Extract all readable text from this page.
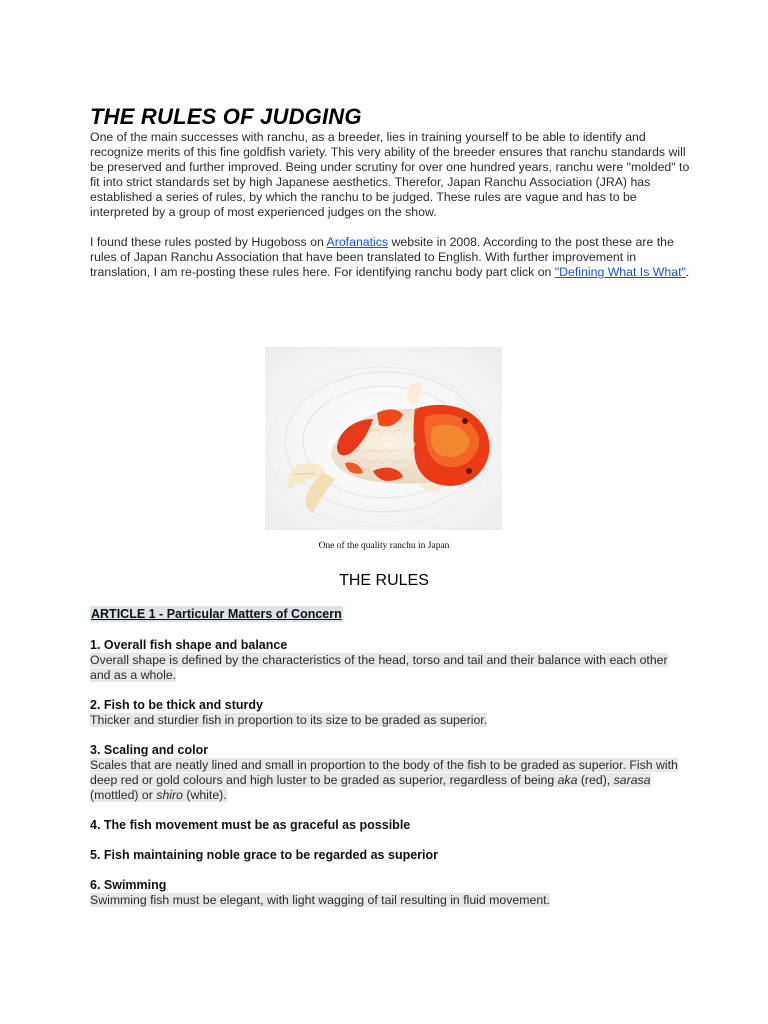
THE RULES OF JUDGING

One of the main successes with ranchu, as a breeder, lies in training yourself to be able to identify and recognize merits of this fine goldfish variety. This very ability of the breeder ensures that ranchu standards will be preserved and further improved. Being under scrutiny for over one hundred years, ranchu were "molded" to fit into strict standards set by high Japanese aesthetics. Therefor, Japan Ranchu Association (JRA) has established a series of rules, by which the ranchu to be judged. These rules are vague and has to be interpreted by a group of most experienced judges on the show.

I found these rules posted by Hugoboss on Arofanatics website in 2008. According to the post these are the rules of Japan Ranchu Association that have been translated to English. With further improvement in translation, I am re-posting these rules here. For identifying ranchu body part click on "Defining What Is What".

One of the quality ranchu in Japan
THE RULES
ARTICLE 1 - Particular Matters of Concern
1. Overall fish shape and balance
Overall shape is defined by the characteristics of the head, torso and tail and their balance with each other and as a whole.
2. Fish to be thick and sturdy
Thicker and sturdier fish in proportion to its size to be graded as superior.
3. Scaling and color
Scales that are neatly lined and small in proportion to the body of the fish to be graded as superior. Fish with deep red or gold colours and high luster to be graded as superior, regardless of being aka (red), sarasa (mottled) or shiro (white).
4. The fish movement must be as graceful as possible
5. Fish maintaining noble grace to be regarded as superior
6. Swimming
Swimming fish must be elegant, with light wagging of tail resulting in fluid movement.
